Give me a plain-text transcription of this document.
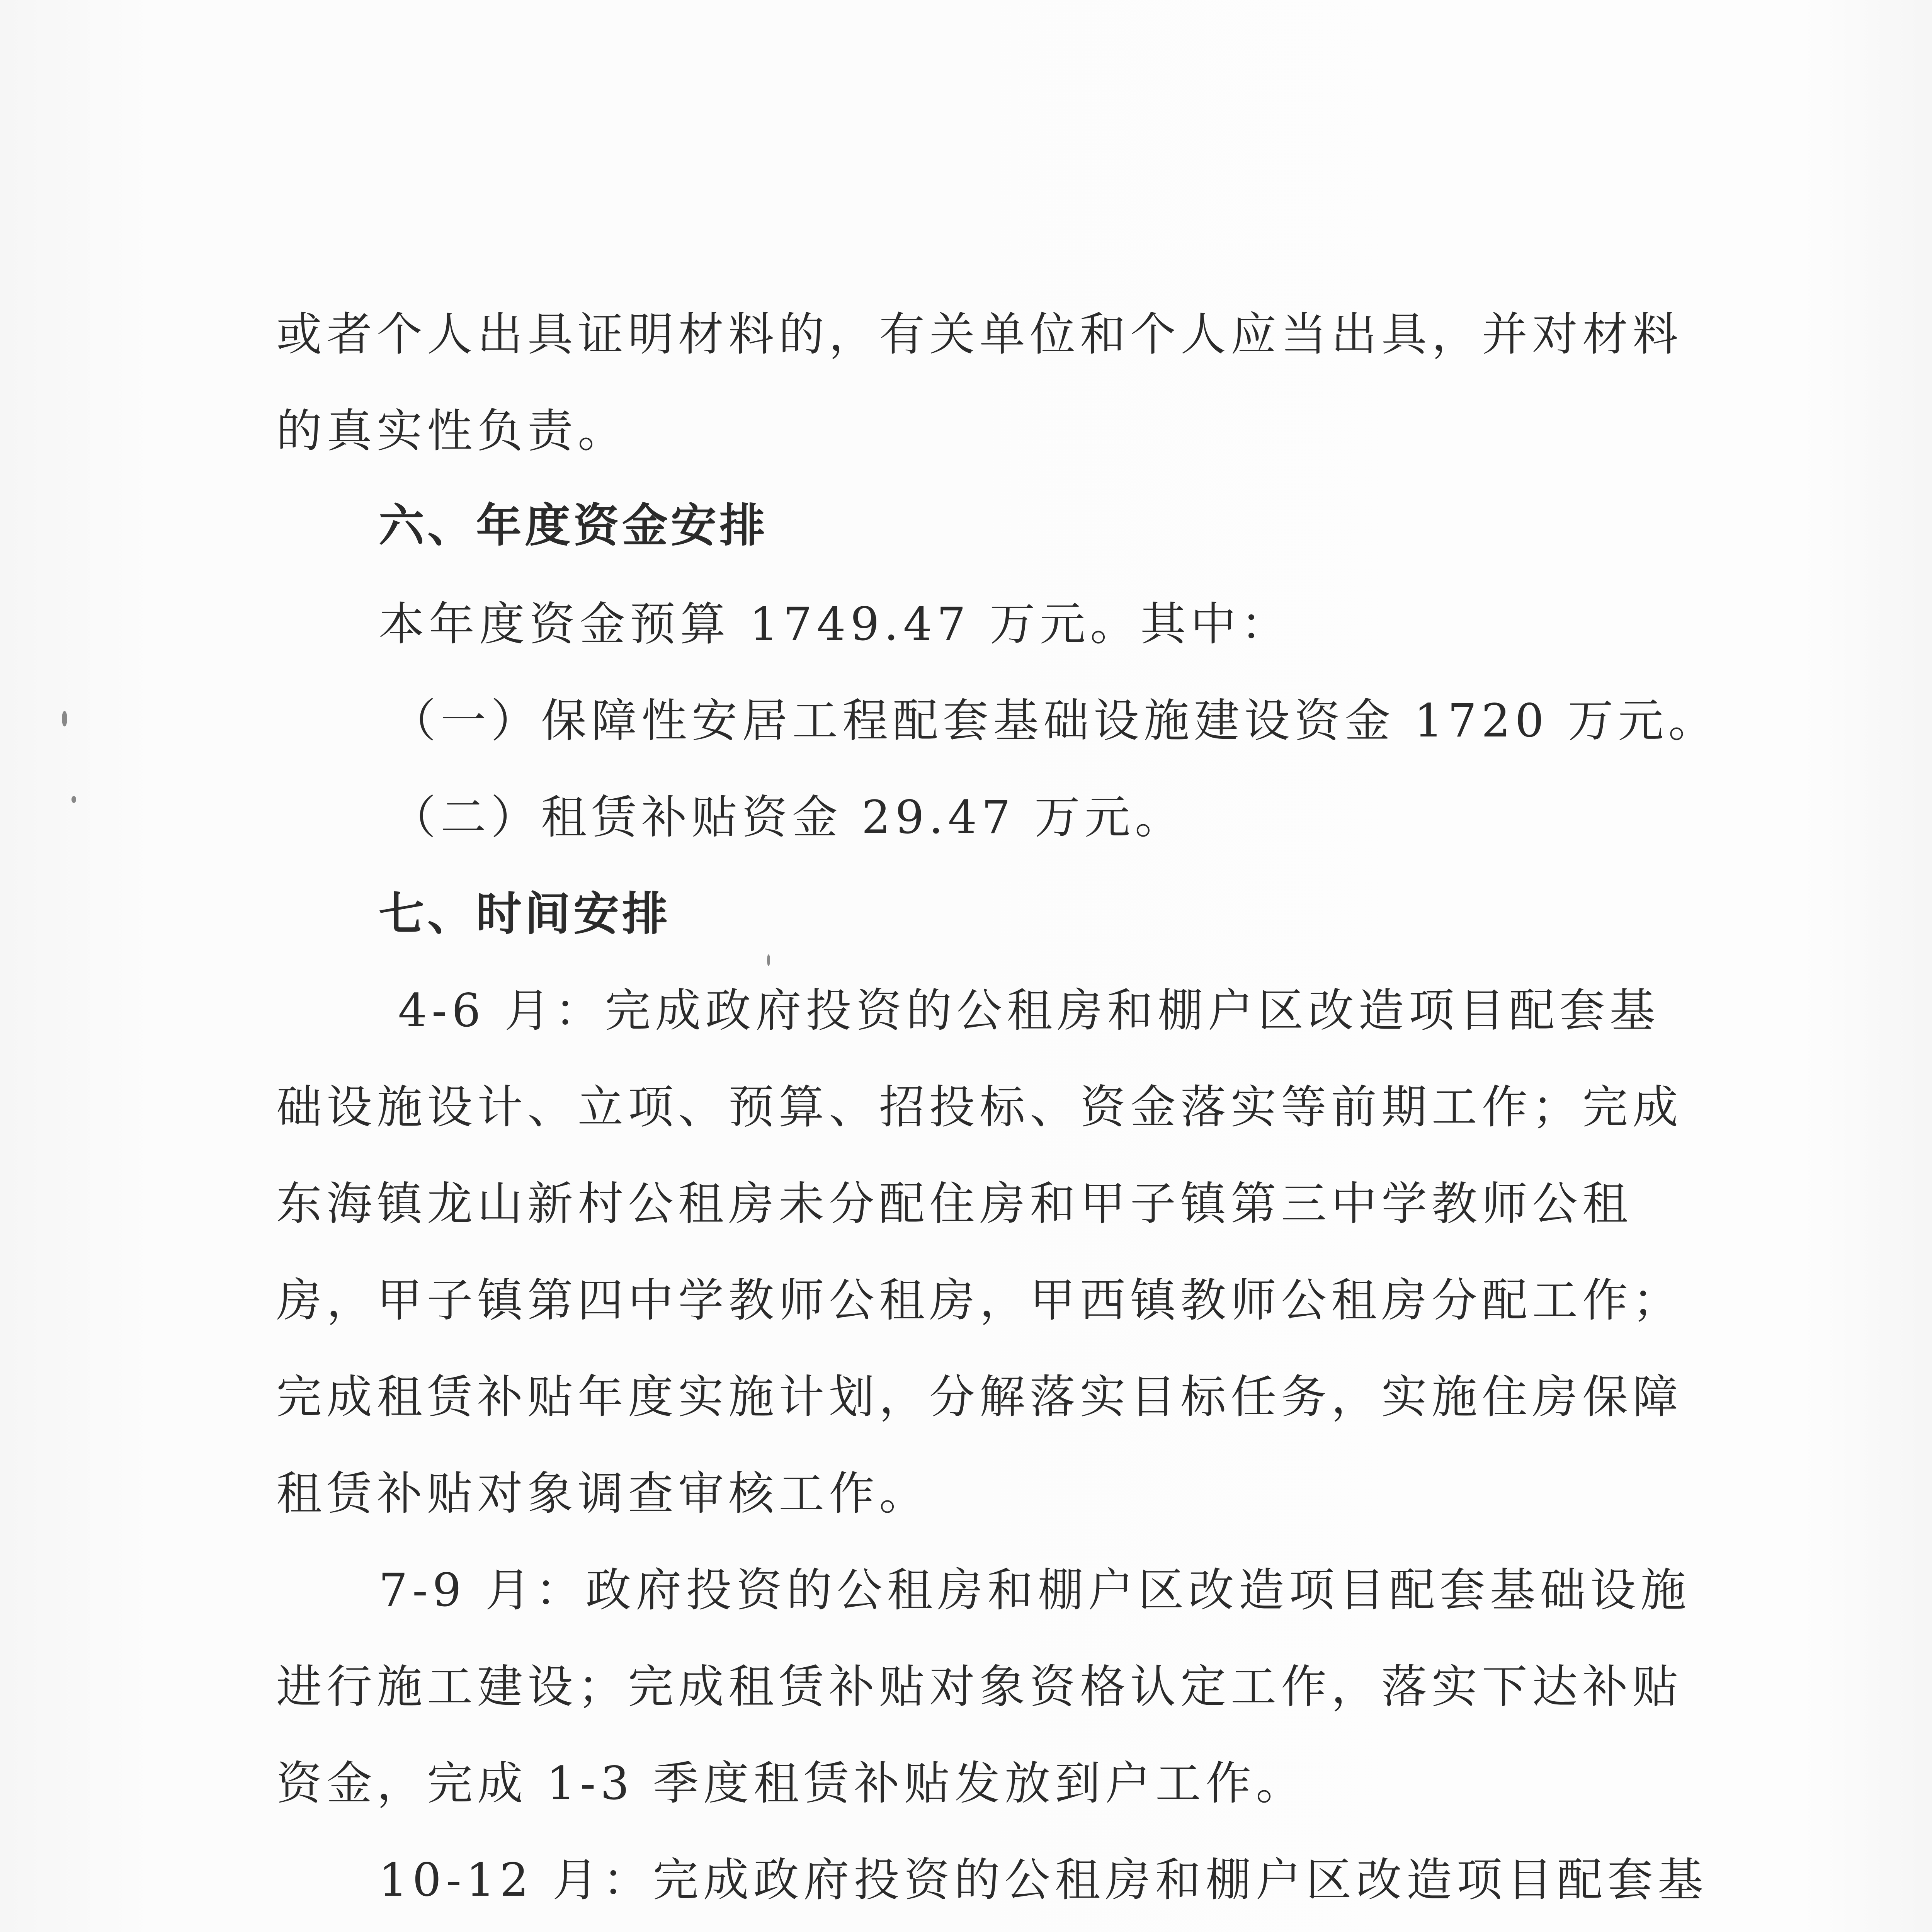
或者个人出具证明材料的，有关单位和个人应当出具，并对材料
的真实性负责。
六、年度资金安排
本年度资金预算 1749.47 万元。其中：
（一）保障性安居工程配套基础设施建设资金 1720 万元。
（二）租赁补贴资金 29.47 万元。
七、时间安排
4-6 月：完成政府投资的公租房和棚户区改造项目配套基
础设施设计、立项、预算、招投标、资金落实等前期工作；完成
东海镇龙山新村公租房未分配住房和甲子镇第三中学教师公租
房，甲子镇第四中学教师公租房，甲西镇教师公租房分配工作；
完成租赁补贴年度实施计划，分解落实目标任务，实施住房保障
租赁补贴对象调查审核工作。
7-9 月：政府投资的公租房和棚户区改造项目配套基础设施
进行施工建设；完成租赁补贴对象资格认定工作，落实下达补贴
资金，完成 1-3 季度租赁补贴发放到户工作。
10-12 月：完成政府投资的公租房和棚户区改造项目配套基
